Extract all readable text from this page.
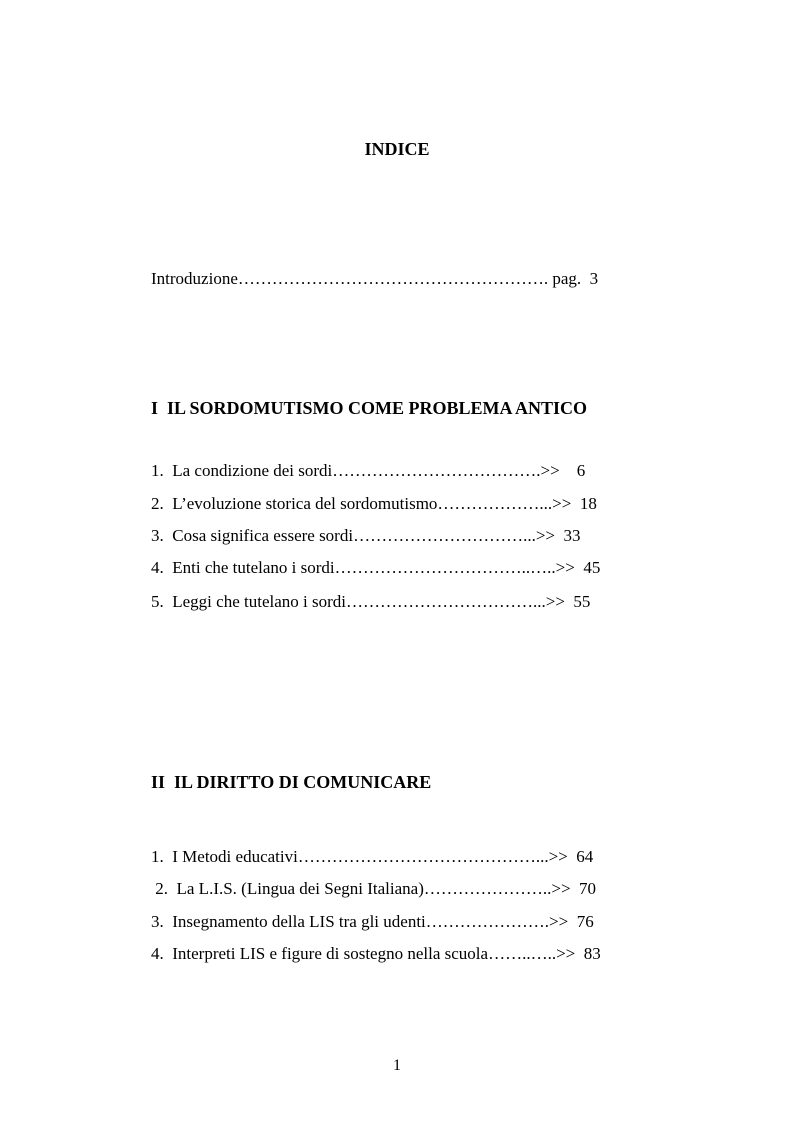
INDICE
Introduzione………………………………………………. pag.  3
I  IL SORDOMUTISMO COME PROBLEMA ANTICO
1.  La condizione dei sordi……………………………….>>    6
2.  L’evoluzione storica del sordomutismo………………...>>  18
3.  Cosa significa essere sordi…………………………...>>  33
4.  Enti che tutelano i sordi……………………………..…..>>  45
5.  Leggi che tutelano i sordi……………………………...>>  55
II  IL DIRITTO DI COMUNICARE
1.  I Metodi educativi……………………………………...>>  64
2.  La L.I.S. (Lingua dei Segni Italiana)…………………..>>  70
3.  Insegnamento della LIS tra gli udenti………………….>>  76
4.  Interpreti LIS e figure di sostegno nella scuola……..…..>>  83
1
